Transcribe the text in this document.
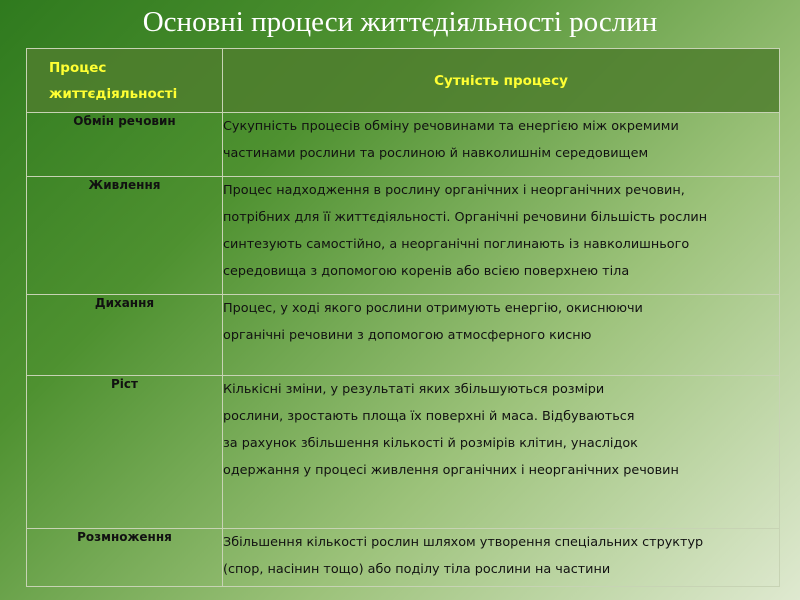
Основні процеси життєдіяльності рослин
Процес життєдіяльності	Сутність процесу
Обмін речовин	Сукупність процесів обміну речовинами та енергією між окремими
частинами рослини та рослиною й навколишнім середовищем
Живлення	Процес надходження в рослину органічних і неорганічних речовин,
потрібних для її життєдіяльності. Органічні речовини більшість рослин
синтезують самостійно, а неорганічні поглинають із навколишнього
середовища з допомогою коренів або всією поверхнею тіла
Дихання	Процес, у ході якого рослини отримують енергію, окиснюючи
органічні речовини з допомогою атмосферного кисню
Ріст	Кількісні зміни, у результаті яких збільшуються розміри
рослини, зростають площа їх поверхні й маса. Відбуваються
за рахунок збільшення кількості й розмірів клітин, унаслідок
одержання у процесі живлення органічних і неорганічних речовин
Розмноження	Збільшення кількості рослин шляхом утворення спеціальних структур
(спор, насінин тощо) або поділу тіла рослини на частини
